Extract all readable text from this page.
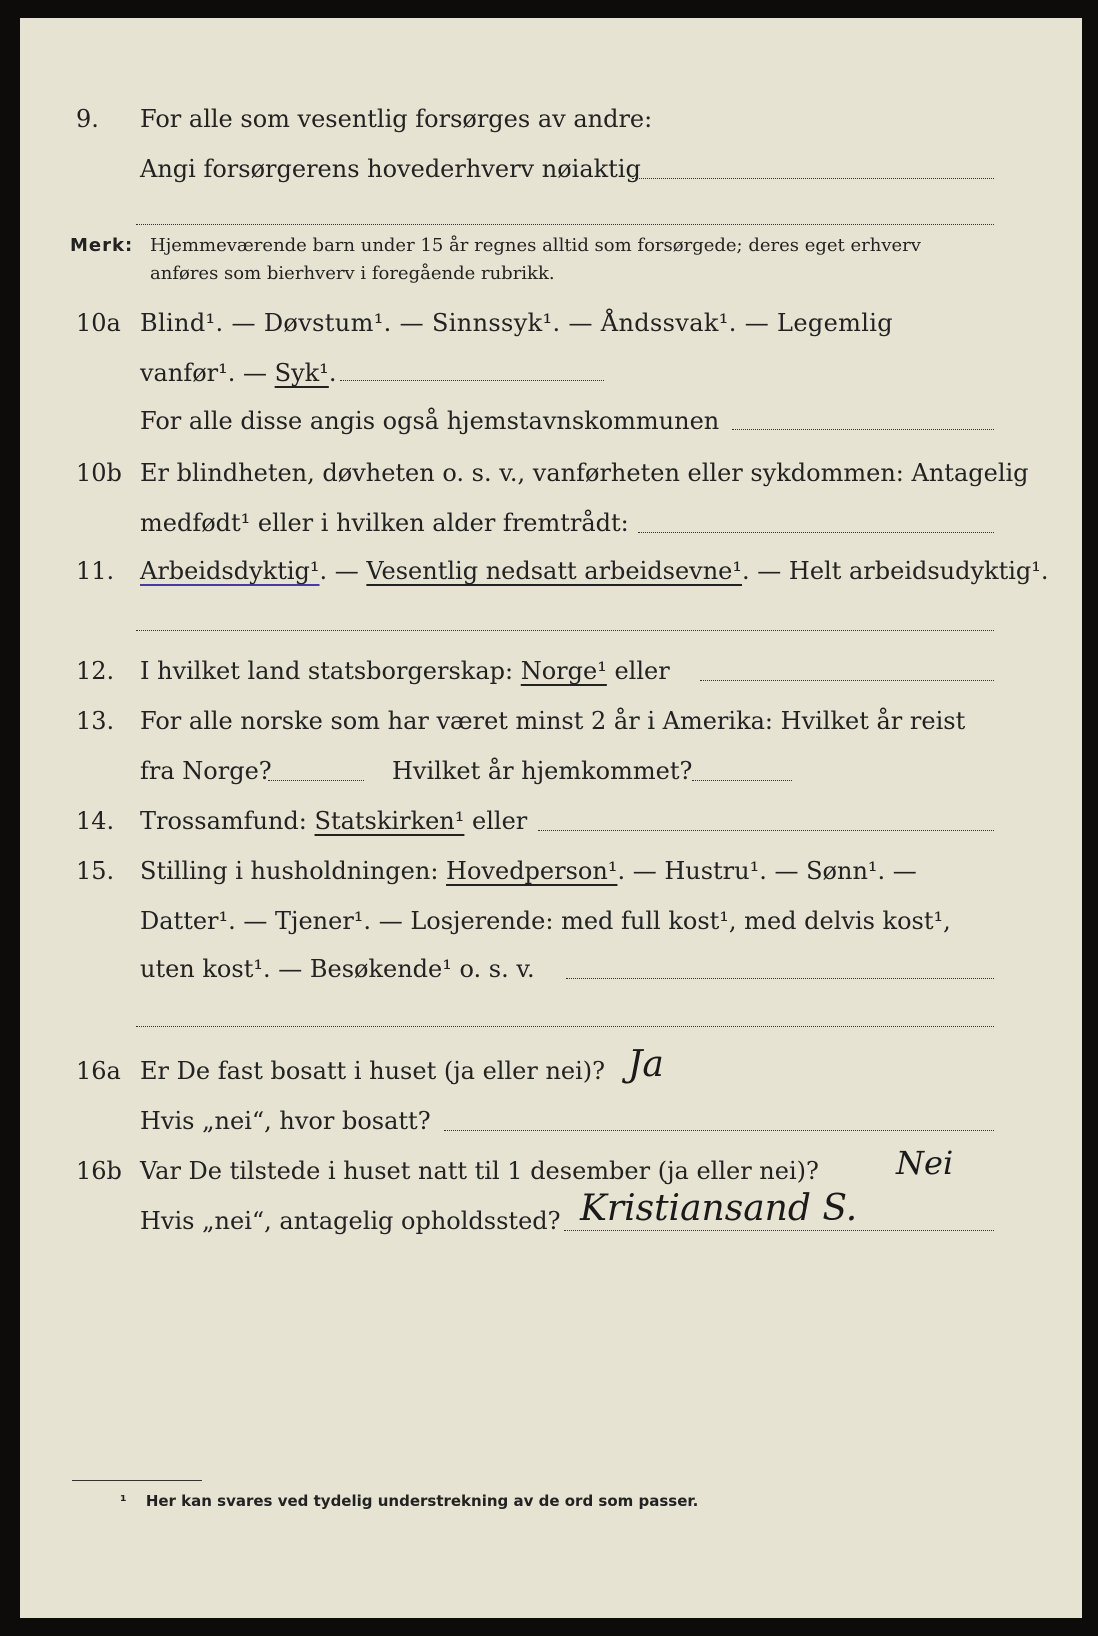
9. For alle som vesentlig forsørges av andre:
Angi forsørgerens hovederhverv nøiaktig
Merk: Hjemmeværende barn under 15 år regnes alltid som forsørgede; deres eget erhverv
anføres som bierhverv i foregående rubrikk.
10a Blind¹. — Døvstum¹. — Sinnssyk¹. — Åndssvak¹. — Legemlig
vanfør¹. — Syk¹.
For alle disse angis også hjemstavnskommunen
10b Er blindheten, døvheten o. s. v., vanførheten eller sykdommen: Antagelig
medfødt¹ eller i hvilken alder fremtrådt:
11. Arbeidsdyktig¹. — Vesentlig nedsatt arbeidsevne¹. — Helt arbeidsudyktig¹.
12. I hvilket land statsborgerskap: Norge¹ eller
13. For alle norske som har været minst 2 år i Amerika: Hvilket år reist
fra Norge?	Hvilket år hjemkommet?
14. Trossamfund: Statskirken¹ eller
15. Stilling i husholdningen: Hovedperson¹. — Hustru¹. — Sønn¹. —
Datter¹. — Tjener¹. — Losjerende: med full kost¹, med delvis kost¹,
uten kost¹. — Besøkende¹ o. s. v.
16a Er De fast bosatt i huset (ja eller nei)? Ja
Hvis „nei“, hvor bosatt?
16b Var De tilstede i huset natt til 1 desember (ja eller nei)? Nei
Hvis „nei“, antagelig opholdssted? Kristiansand S.
¹ Her kan svares ved tydelig understrekning av de ord som passer.
